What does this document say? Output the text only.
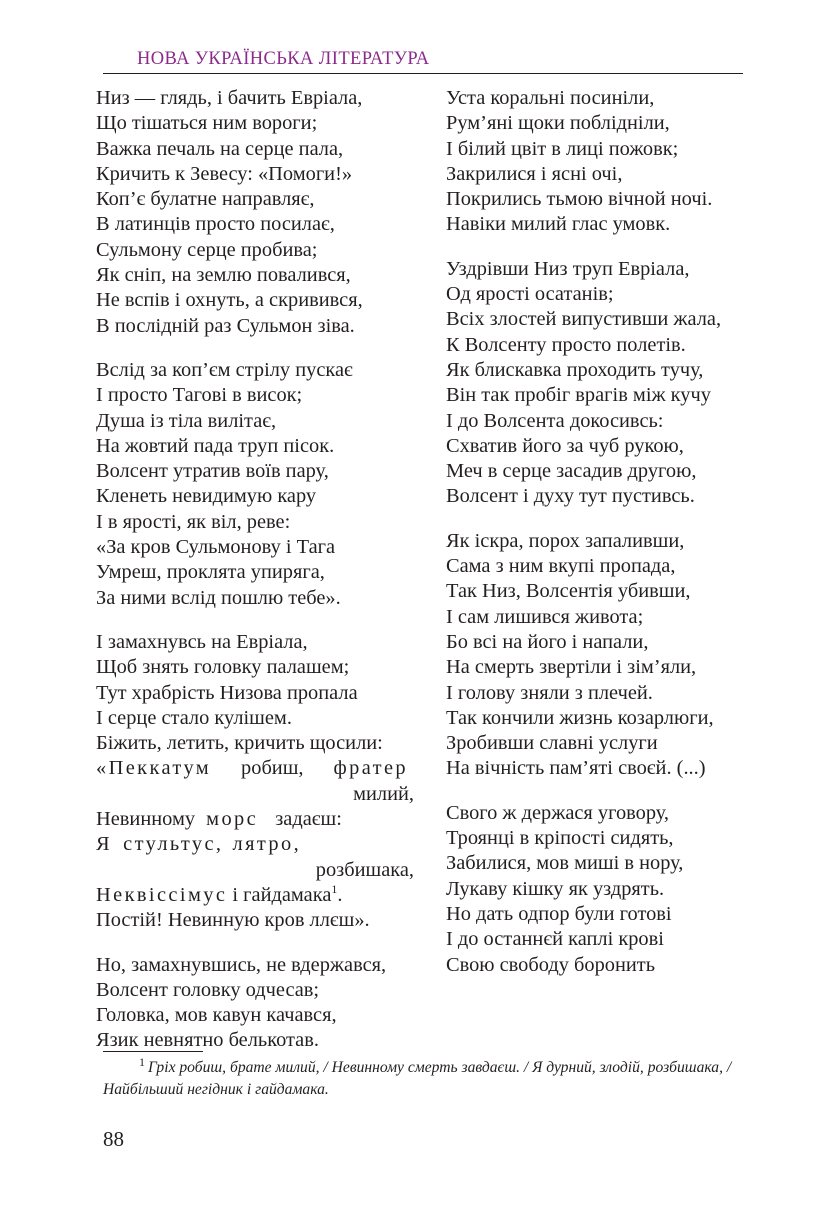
НОВА УКРАЇНСЬКА ЛІТЕРАТУРА
Низ — глядь, і бачить Евріала,
Що тішаться ним вороги;
Важка печаль на серце пала,
Кричить к Зевесу: «Помоги!»
Коп’є булатне направляє,
В латинців просто посилає,
Сульмону серце пробива;
Як сніп, на землю повалився,
Не вспів і охнуть, а скривився,
В послідній раз Сульмон зіва.
Вслід за коп’єм стрілу пускає
І просто Тагові в висок;
Душа із тіла вилітає,
На жовтий пада труп пісок.
Волсент утратив воїв пару,
Кленеть невидимую кару
І в ярості, як віл, реве:
«За кров Сульмонову і Тага
Умреш, проклята упиряга,
За ними вслід пошлю тебе».
І замахнувсь на Евріала,
Щоб знять головку палашем;
Тут храбрість Низова пропала
І серце стало кулішем.
Біжить, летить, кричить щосили:
«Пеккатум робиш, фратер
милий,
Невинному морс задаєш:
Я стультус, лятро,
розбишака,
Неквіссімус і гайдамака$^1$.
Постій! Невинную кров ллєш».
Но, замахнувшись, не вдержався,
Волсент головку одчесав;
Головка, мов кавун качався,
Язик невнятно белькотав.
Уста коральні посиніли,
Рум’яні щоки поблідніли,
І білий цвіт в лиці пожовк;
Закрилися і ясні очі,
Покрились тьмою вічной ночі.
Навіки милий глас умовк.
Уздрівши Низ труп Евріала,
Од ярості осатанів;
Всіх злостей випустивши жала,
К Волсенту просто полетів.
Як блискавка проходить тучу,
Він так пробіг врагів між кучу
І до Волсента докосивсь:
Схватив його за чуб рукою,
Меч в серце засадив другою,
Волсент і духу тут пустивсь.
Як іскра, порох запаливши,
Сама з ним вкупі пропада,
Так Низ, Волсентія убивши,
І сам лишився живота;
Бо всі на його і напали,
На смерть звертіли і зім’яли,
І голову зняли з плечей.
Так кончили жизнь козарлюги,
Зробивши славні услуги
На вічність пам’яті своєй. (...)
Свого ж держася уговору,
Троянці в кріпості сидять,
Забилися, мов миші в нору,
Лукаву кішку як уздрять.
Но дать одпор були готові
І до останнєй каплі крові
Свою свободу боронить
$^1$ Гріх робиш, брате милий, / Невинному смерть завдаєш. / Я дурний, злодій, розбишака, / Найбільший негідник і гайдамака.
88
